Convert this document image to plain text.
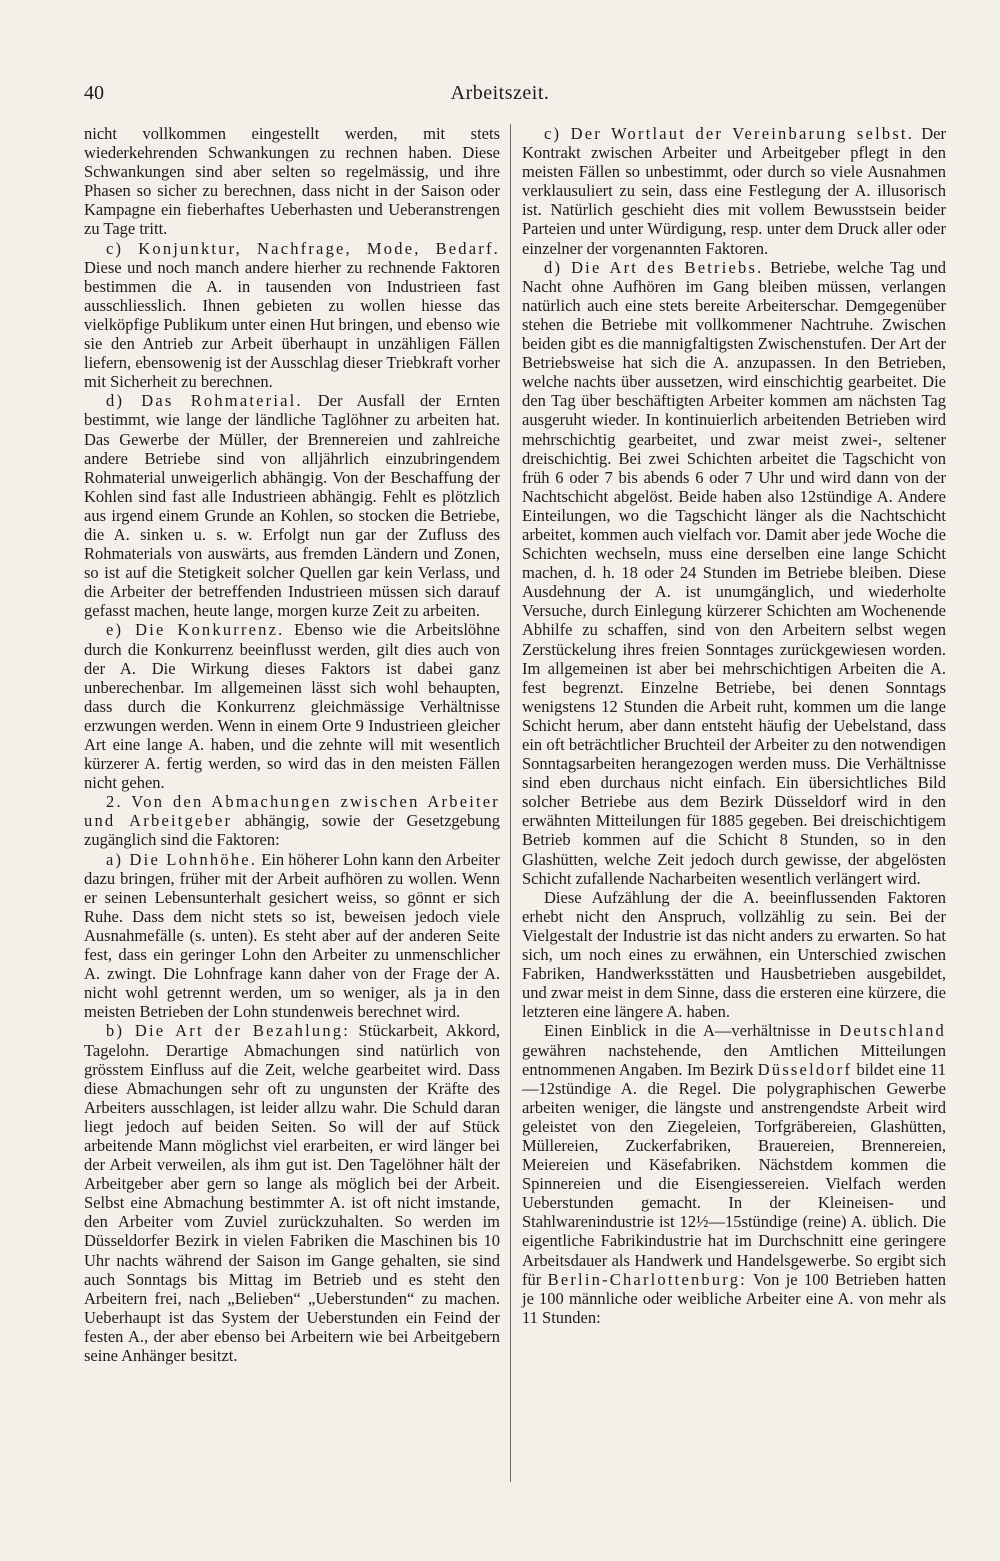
40	Arbeitszeit.

nicht vollkommen eingestellt werden, mit stets wiederkehrenden Schwankungen zu rechnen haben. Diese Schwankungen sind aber selten so regelmässig, und ihre Phasen so sicher zu berechnen, dass nicht in der Saison oder Kampagne ein fieberhaftes Ueberhasten und Ueberanstrengen zu Tage tritt.

c) Konjunktur, Nachfrage, Mode, Bedarf. Diese und noch manch andere hierher zu rechnende Faktoren bestimmen die A. in tausenden von Industrieen fast ausschliesslich. Ihnen gebieten zu wollen hiesse das vielköpfige Publikum unter einen Hut bringen, und ebenso wie sie den Antrieb zur Arbeit überhaupt in unzähligen Fällen liefern, ebensowenig ist der Ausschlag dieser Triebkraft vorher mit Sicherheit zu berechnen.

d) Das Rohmaterial. Der Ausfall der Ernten bestimmt, wie lange der ländliche Taglöhner zu arbeiten hat. Das Gewerbe der Müller, der Brennereien und zahlreiche andere Betriebe sind von alljährlich einzubringendem Rohmaterial unweigerlich abhängig. Von der Beschaffung der Kohlen sind fast alle Industrieen abhängig. Fehlt es plötzlich aus irgend einem Grunde an Kohlen, so stocken die Betriebe, die A. sinken u. s. w. Erfolgt nun gar der Zufluss des Rohmaterials von auswärts, aus fremden Ländern und Zonen, so ist auf die Stetigkeit solcher Quellen gar kein Verlass, und die Arbeiter der betreffenden Industrieen müssen sich darauf gefasst machen, heute lange, morgen kurze Zeit zu arbeiten.

e) Die Konkurrenz. Ebenso wie die Arbeitslöhne durch die Konkurrenz beeinflusst werden, gilt dies auch von der A. Die Wirkung dieses Faktors ist dabei ganz unberechenbar. Im allgemeinen lässt sich wohl behaupten, dass durch die Konkurrenz gleichmässige Verhältnisse erzwungen werden. Wenn in einem Orte 9 Industrieen gleicher Art eine lange A. haben, und die zehnte will mit wesentlich kürzerer A. fertig werden, so wird das in den meisten Fällen nicht gehen.

2. Von den Abmachungen zwischen Arbeiter und Arbeitgeber abhängig, sowie der Gesetzgebung zugänglich sind die Faktoren:

a) Die Lohnhöhe. Ein höherer Lohn kann den Arbeiter dazu bringen, früher mit der Arbeit aufhören zu wollen. Wenn er seinen Lebensunterhalt gesichert weiss, so gönnt er sich Ruhe. Dass dem nicht stets so ist, beweisen jedoch viele Ausnahmefälle (s. unten). Es steht aber auf der anderen Seite fest, dass ein geringer Lohn den Arbeiter zu unmenschlicher A. zwingt. Die Lohnfrage kann daher von der Frage der A. nicht wohl getrennt werden, um so weniger, als ja in den meisten Betrieben der Lohn stundenweis berechnet wird.

b) Die Art der Bezahlung: Stückarbeit, Akkord, Tagelohn. Derartige Abmachungen sind natürlich von grösstem Einfluss auf die Zeit, welche gearbeitet wird. Dass diese Abmachungen sehr oft zu ungunsten der Kräfte des Arbeiters ausschlagen, ist leider allzu wahr. Die Schuld daran liegt jedoch auf beiden Seiten. So will der auf Stück arbeitende Mann möglichst viel erarbeiten, er wird länger bei der Arbeit verweilen, als ihm gut ist. Den Tagelöhner hält der Arbeitgeber aber gern so lange als möglich bei der Arbeit. Selbst eine Abmachung bestimmter A. ist oft nicht imstande, den Arbeiter vom Zuviel zurückzuhalten. So werden im Düsseldorfer Bezirk in vielen Fabriken die Maschinen bis 10 Uhr nachts während der Saison im Gange gehalten, sie sind auch Sonntags bis Mittag im Betrieb und es steht den Arbeitern frei, nach „Belieben“ „Ueberstunden“ zu machen. Ueberhaupt ist das System der Ueberstunden ein Feind der festen A., der aber ebenso bei Arbeitern wie bei Arbeitgebern seine Anhänger besitzt.

c) Der Wortlaut der Vereinbarung selbst. Der Kontrakt zwischen Arbeiter und Arbeitgeber pflegt in den meisten Fällen so unbestimmt, oder durch so viele Ausnahmen verklausuliert zu sein, dass eine Festlegung der A. illusorisch ist. Natürlich geschieht dies mit vollem Bewusstsein beider Parteien und unter Würdigung, resp. unter dem Druck aller oder einzelner der vorgenannten Faktoren.

d) Die Art des Betriebs. Betriebe, welche Tag und Nacht ohne Aufhören im Gang bleiben müssen, verlangen natürlich auch eine stets bereite Arbeiterschar. Demgegenüber stehen die Betriebe mit vollkommener Nachtruhe. Zwischen beiden gibt es die mannigfaltigsten Zwischenstufen. Der Art der Betriebsweise hat sich die A. anzupassen. In den Betrieben, welche nachts über aussetzen, wird einschichtig gearbeitet. Die den Tag über beschäftigten Arbeiter kommen am nächsten Tag ausgeruht wieder. In kontinuierlich arbeitenden Betrieben wird mehrschichtig gearbeitet, und zwar meist zwei-, seltener dreischichtig. Bei zwei Schichten arbeitet die Tagschicht von früh 6 oder 7 bis abends 6 oder 7 Uhr und wird dann von der Nachtschicht abgelöst. Beide haben also 12stündige A. Andere Einteilungen, wo die Tagschicht länger als die Nachtschicht arbeitet, kommen auch vielfach vor. Damit aber jede Woche die Schichten wechseln, muss eine derselben eine lange Schicht machen, d. h. 18 oder 24 Stunden im Betriebe bleiben. Diese Ausdehnung der A. ist unumgänglich, und wiederholte Versuche, durch Einlegung kürzerer Schichten am Wochenende Abhilfe zu schaffen, sind von den Arbeitern selbst wegen Zerstückelung ihres freien Sonntages zurückgewiesen worden. Im allgemeinen ist aber bei mehrschichtigen Arbeiten die A. fest begrenzt. Einzelne Betriebe, bei denen Sonntags wenigstens 12 Stunden die Arbeit ruht, kommen um die lange Schicht herum, aber dann entsteht häufig der Uebelstand, dass ein oft beträchtlicher Bruchteil der Arbeiter zu den notwendigen Sonntagsarbeiten herangezogen werden muss. Die Verhältnisse sind eben durchaus nicht einfach. Ein übersichtliches Bild solcher Betriebe aus dem Bezirk Düsseldorf wird in den erwähnten Mitteilungen für 1885 gegeben. Bei dreischichtigem Betrieb kommen auf die Schicht 8 Stunden, so in den Glashütten, welche Zeit jedoch durch gewisse, der abgelösten Schicht zufallende Nacharbeiten wesentlich verlängert wird.

Diese Aufzählung der die A. beeinflussenden Faktoren erhebt nicht den Anspruch, vollzählig zu sein. Bei der Vielgestalt der Industrie ist das nicht anders zu erwarten. So hat sich, um noch eines zu erwähnen, ein Unterschied zwischen Fabriken, Handwerksstätten und Hausbetrieben ausgebildet, und zwar meist in dem Sinne, dass die ersteren eine kürzere, die letzteren eine längere A. haben.

Einen Einblick in die A—verhältnisse in Deutschland gewähren nachstehende, den Amtlichen Mitteilungen entnommenen Angaben. Im Bezirk Düsseldorf bildet eine 11—12stündige A. die Regel. Die polygraphischen Gewerbe arbeiten weniger, die längste und anstrengendste Arbeit wird geleistet von den Ziegeleien, Torfgräbereien, Glashütten, Müllereien, Zuckerfabriken, Brauereien, Brennereien, Meiereien und Käsefabriken. Nächstdem kommen die Spinnereien und die Eisengiessereien. Vielfach werden Ueberstunden gemacht. In der Kleineisen- und Stahlwarenindustrie ist 12½—15stündige (reine) A. üblich. Die eigentliche Fabrikindustrie hat im Durchschnitt eine geringere Arbeitsdauer als Handwerk und Handelsgewerbe. So ergibt sich für Berlin-Charlottenburg: Von je 100 Betrieben hatten je 100 männliche oder weibliche Arbeiter eine A. von mehr als 11 Stunden:
